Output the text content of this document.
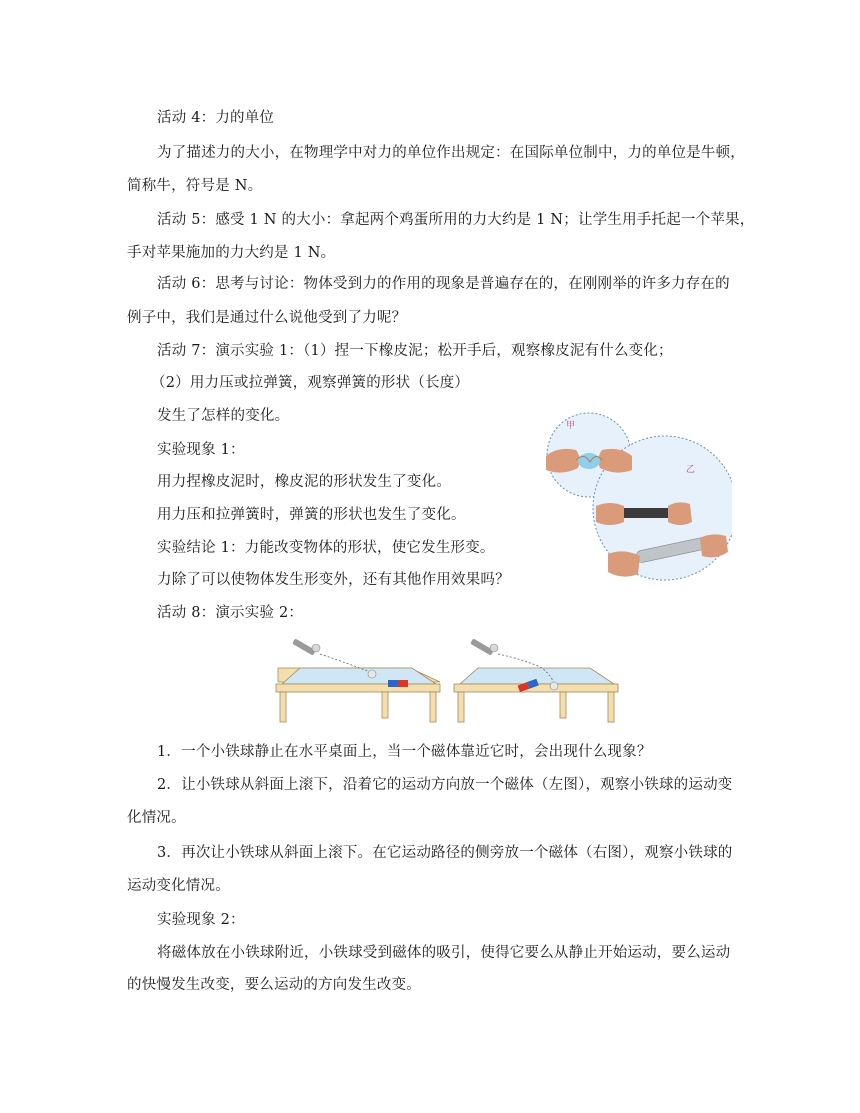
活动 4：力的单位
为了描述力的大小，在物理学中对力的单位作出规定：在国际单位制中，力的单位是牛顿，
简称牛，符号是 N。
活动 5：感受 1 N 的大小：拿起两个鸡蛋所用的力大约是 1 N；让学生用手托起一个苹果，
手对苹果施加的力大约是 1 N。
活动 6：思考与讨论：物体受到力的作用的现象是普遍存在的，在刚刚举的许多力存在的
例子中，我们是通过什么说他受到了力呢？
活动 7：演示实验 1：（1）捏一下橡皮泥；松开手后，观察橡皮泥有什么变化；
（2）用力压或拉弹簧，观察弹簧的形状（长度）
发生了怎样的变化。
实验现象 1：
用力捏橡皮泥时，橡皮泥的形状发生了变化。
用力压和拉弹簧时，弹簧的形状也发生了变化。
实验结论 1：力能改变物体的形状，使它发生形变。
力除了可以使物体发生形变外，还有其他作用效果吗？
活动 8：演示实验 2：
甲
乙
1．一个小铁球静止在水平桌面上，当一个磁体靠近它时，会出现什么现象？
2．让小铁球从斜面上滚下，沿着它的运动方向放一个磁体（左图），观察小铁球的运动变
化情况。
3．再次让小铁球从斜面上滚下。在它运动路径的侧旁放一个磁体（右图），观察小铁球的
运动变化情况。
实验现象 2：
将磁体放在小铁球附近，小铁球受到磁体的吸引，使得它要么从静止开始运动，要么运动
的快慢发生改变，要么运动的方向发生改变。
